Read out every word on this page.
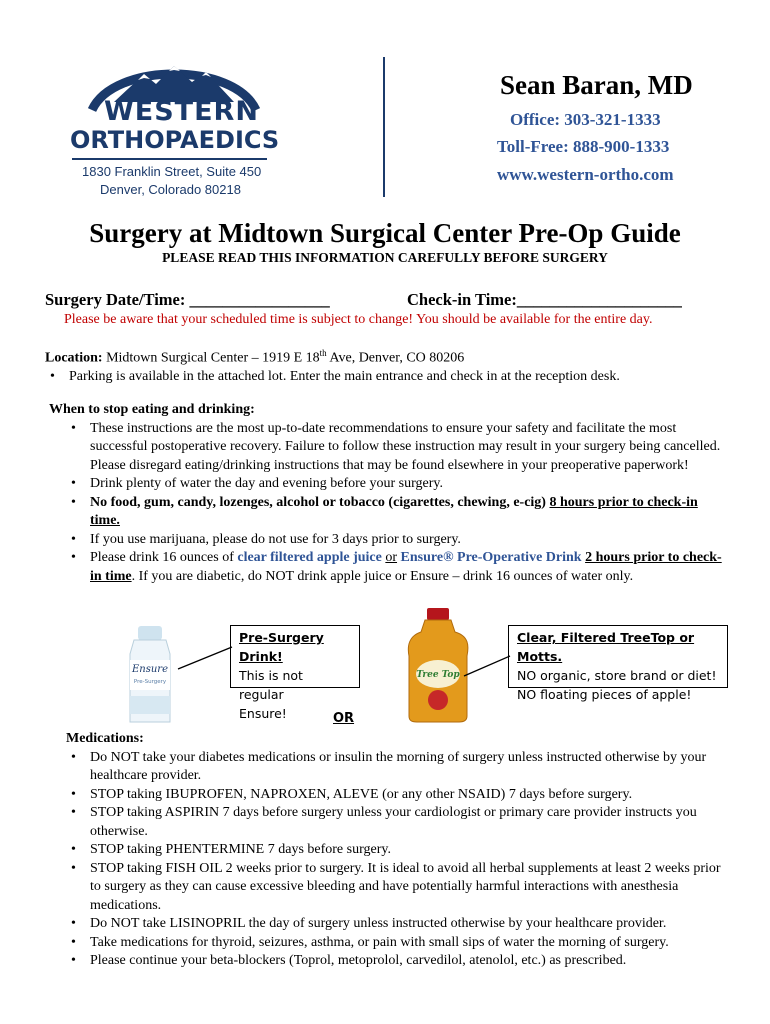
WESTERN
ORTHOPAEDICS
1830 Franklin Street, Suite 450
Denver, Colorado 80218
Sean Baran, MD
Office: 303-321-1333
Toll-Free: 888-900-1333
www.western-ortho.com
Surgery at Midtown Surgical Center Pre-Op Guide
PLEASE READ THIS INFORMATION CAREFULLY BEFORE SURGERY
Surgery Date/Time: _________________	Check-in Time:____________________
Please be aware that your scheduled time is subject to change! You should be available for the entire day.

Location: Midtown Surgical Center – 1919 E 18th Ave, Denver, CO 80206

• Parking is available in the attached lot. Enter the main entrance and check in at the reception desk.

When to stop eating and drinking:

• These instructions are the most up-to-date recommendations to ensure your safety and facilitate the most successful postoperative recovery. Failure to follow these instruction may result in your surgery being cancelled. Please disregard eating/drinking instructions that may be found elsewhere in your preoperative paperwork!
• Drink plenty of water the day and evening before your surgery.
• No food, gum, candy, lozenges, alcohol or tobacco (cigarettes, chewing, e-cig) 8 hours prior to check-in time.
• If you use marijuana, please do not use for 3 days prior to surgery.
• Please drink 16 ounces of clear filtered apple juice or Ensure® Pre-Operative Drink 2 hours prior to check-in time. If you are diabetic, do NOT drink apple juice or Ensure – drink 16 ounces of water only.
Ensure
Pre-Surgery
Pre-Surgery Drink!
This is not regular
Ensure!
Tree Top
Clear, Filtered TreeTop or Motts.
NO organic, store brand or diet!
NO floating pieces of apple!
OR

Medications:

• Do NOT take your diabetes medications or insulin the morning of surgery unless instructed otherwise by your healthcare provider.
• STOP taking IBUPROFEN, NAPROXEN, ALEVE (or any other NSAID) 7 days before surgery.
• STOP taking ASPIRIN 7 days before surgery unless your cardiologist or primary care provider instructs you otherwise.
• STOP taking PHENTERMINE 7 days before surgery.
• STOP taking FISH OIL 2 weeks prior to surgery. It is ideal to avoid all herbal supplements at least 2 weeks prior to surgery as they can cause excessive bleeding and have potentially harmful interactions with anesthesia medications.
• Do NOT take LISINOPRIL the day of surgery unless instructed otherwise by your healthcare provider.
• Take medications for thyroid, seizures, asthma, or pain with small sips of water the morning of surgery.
• Please continue your beta-blockers (Toprol, metoprolol, carvedilol, atenolol, etc.) as prescribed.
